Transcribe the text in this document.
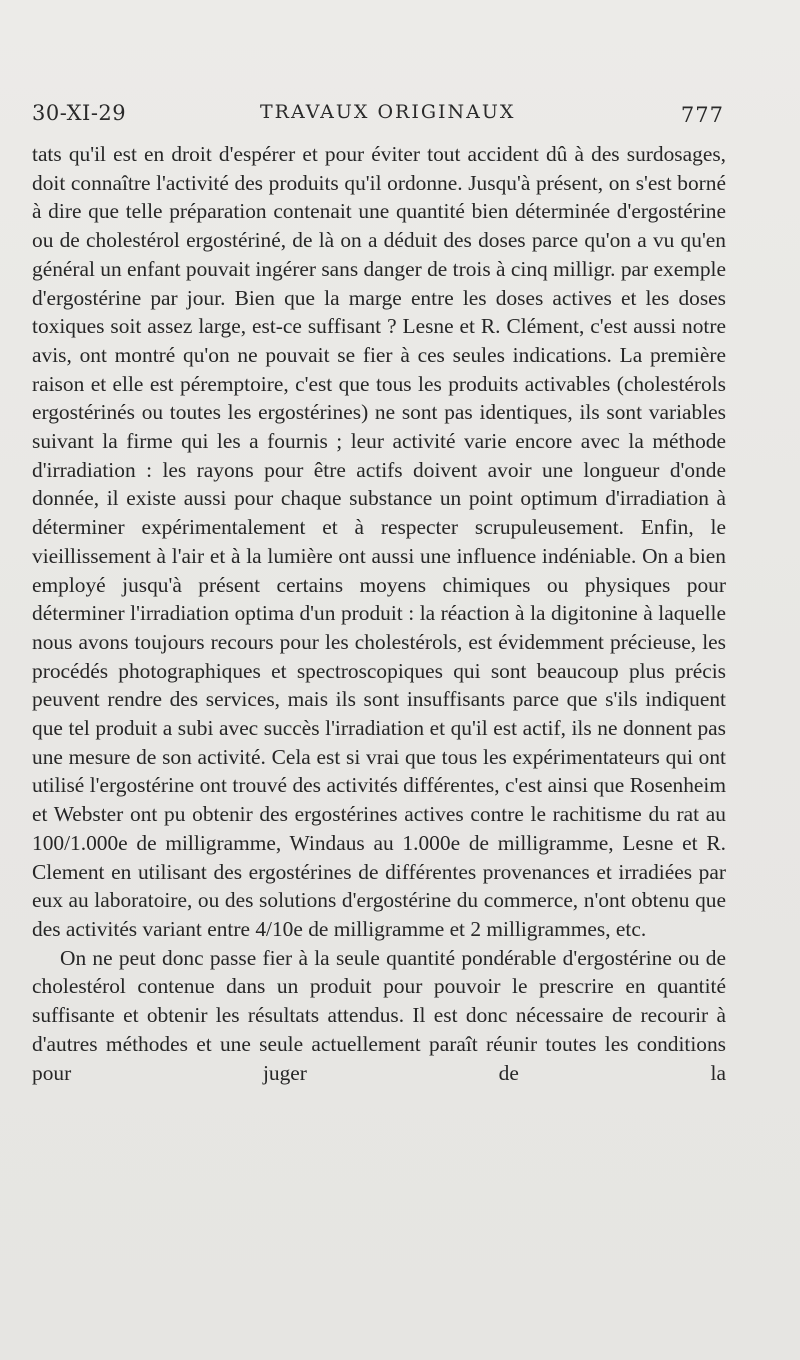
30-XI-29	TRAVAUX ORIGINAUX	777

tats qu'il est en droit d'espérer et pour éviter tout accident dû à des surdosages, doit connaître l'activité des produits qu'il ordonne. Jusqu'à présent, on s'est borné à dire que telle préparation contenait une quantité bien déterminée d'ergostérine ou de cholestérol ergostériné, de là on a déduit des doses parce qu'on a vu qu'en général un enfant pouvait ingérer sans danger de trois à cinq milligr. par exemple d'ergostérine par jour. Bien que la marge entre les doses actives et les doses toxiques soit assez large, est-ce suffisant ? Lesne et R. Clément, c'est aussi notre avis, ont montré qu'on ne pouvait se fier à ces seules indications. La première raison et elle est péremptoire, c'est que tous les produits activables (cholestérols ergostérinés ou toutes les ergostérines) ne sont pas identiques, ils sont variables suivant la firme qui les a fournis ; leur activité varie encore avec la méthode d'irradiation : les rayons pour être actifs doivent avoir une longueur d'onde donnée, il existe aussi pour chaque substance un point optimum d'irradiation à déterminer expérimentalement et à respecter scrupuleusement. Enfin, le vieillissement à l'air et à la lumière ont aussi une influence indéniable. On a bien employé jusqu'à présent certains moyens chimiques ou physiques pour déterminer l'irradiation optima d'un produit : la réaction à la digitonine à laquelle nous avons toujours recours pour les cholestérols, est évidemment précieuse, les procédés photographiques et spectroscopiques qui sont beaucoup plus précis peuvent rendre des services, mais ils sont insuffisants parce que s'ils indiquent que tel produit a subi avec succès l'irradiation et qu'il est actif, ils ne donnent pas une mesure de son activité. Cela est si vrai que tous les expérimentateurs qui ont utilisé l'ergostérine ont trouvé des activités différentes, c'est ainsi que Rosenheim et Webster ont pu obtenir des ergostérines actives contre le rachitisme du rat au 100/1.000e de milligramme, Windaus au 1.000e de milligramme, Lesne et R. Clement en utilisant des ergostérines de différentes provenances et irradiées par eux au laboratoire, ou des solutions d'ergostérine du commerce, n'ont obtenu que des activités variant entre 4/10e de milligramme et 2 milligrammes, etc.

On ne peut donc passe fier à la seule quantité pondérable d'ergostérine ou de cholestérol contenue dans un produit pour pouvoir le prescrire en quantité suffisante et obtenir les résultats attendus. Il est donc nécessaire de recourir à d'autres méthodes et une seule actuellement paraît réunir toutes les conditions pour juger de la
